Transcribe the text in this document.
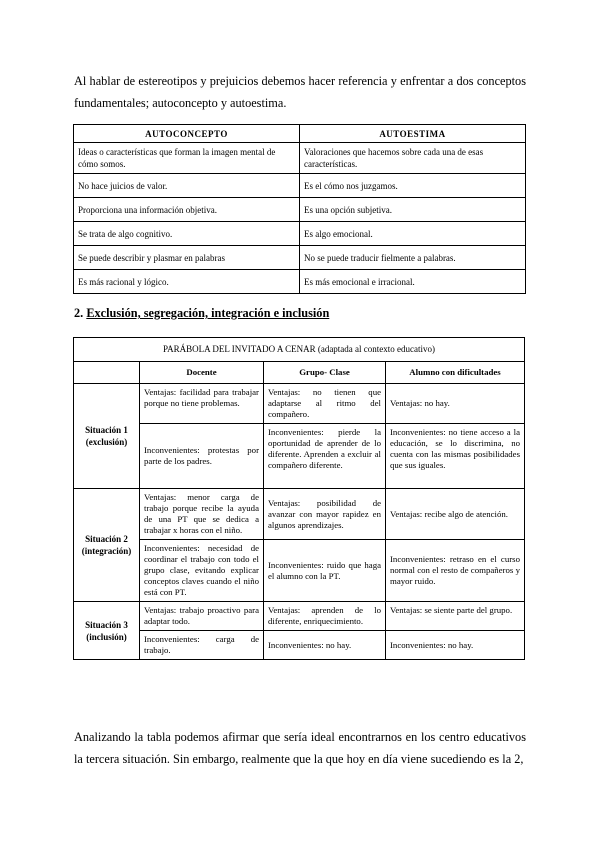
Al hablar de estereotipos y prejuicios debemos hacer referencia y enfrentar a dos conceptos fundamentales; autoconcepto y autoestima.

AUTOCONCEPTO	AUTOESTIMA
Ideas o características que forman la imagen mental de cómo somos.	Valoraciones que hacemos sobre cada una de esas características.
No hace juicios de valor.	Es el cómo nos juzgamos.
Proporciona una información objetiva.	Es una opción subjetiva.
Se trata de algo cognitivo.	Es algo emocional.
Se puede describir y plasmar en palabras	No se puede traducir fielmente a palabras.
Es más racional y lógico.	Es más emocional e irracional.
2. Exclusión, segregación, integración e inclusión
PARÁBOLA DEL INVITADO A CENAR (adaptada al contexto educativo)			
	Docente	Grupo- Clase	Alumno con dificultades
Situación 1
(exclusión)	Ventajas: facilidad para trabajar porque no tiene problemas.	Ventajas: no tienen que adaptarse al ritmo del compañero.	Ventajas: no hay.
	Inconvenientes: protestas por parte de los padres.	Inconvenientes: pierde la oportunidad de aprender de lo diferente. Aprenden a excluir al compañero diferente.	Inconvenientes: no tiene acceso a la educación, se lo discrimina, no cuenta con las mismas posibilidades que sus iguales.
Situación 2
(integración)	Ventajas: menor carga de trabajo porque recibe la ayuda de una PT que se dedica a trabajar x horas con el niño.	Ventajas: posibilidad de avanzar con mayor rapidez en algunos aprendizajes.	Ventajas: recibe algo de atención.
	Inconvenientes: necesidad de coordinar el trabajo con todo el grupo clase, evitando explicar conceptos claves cuando el niño está con PT.	Inconvenientes: ruido que haga el alumno con la PT.	Inconvenientes: retraso en el curso normal con el resto de compañeros y mayor ruido.
Situación 3
(inclusión)	Ventajas: trabajo proactivo para adaptar todo.	Ventajas: aprenden de lo diferente, enriquecimiento.	Ventajas: se siente parte del grupo.
	Inconvenientes: carga de trabajo.	Inconvenientes: no hay.	Inconvenientes: no hay.

Analizando la tabla podemos afirmar que sería ideal encontrarnos en los centro educativos la tercera situación. Sin embargo, realmente que la que hoy en día viene sucediendo es la 2,
